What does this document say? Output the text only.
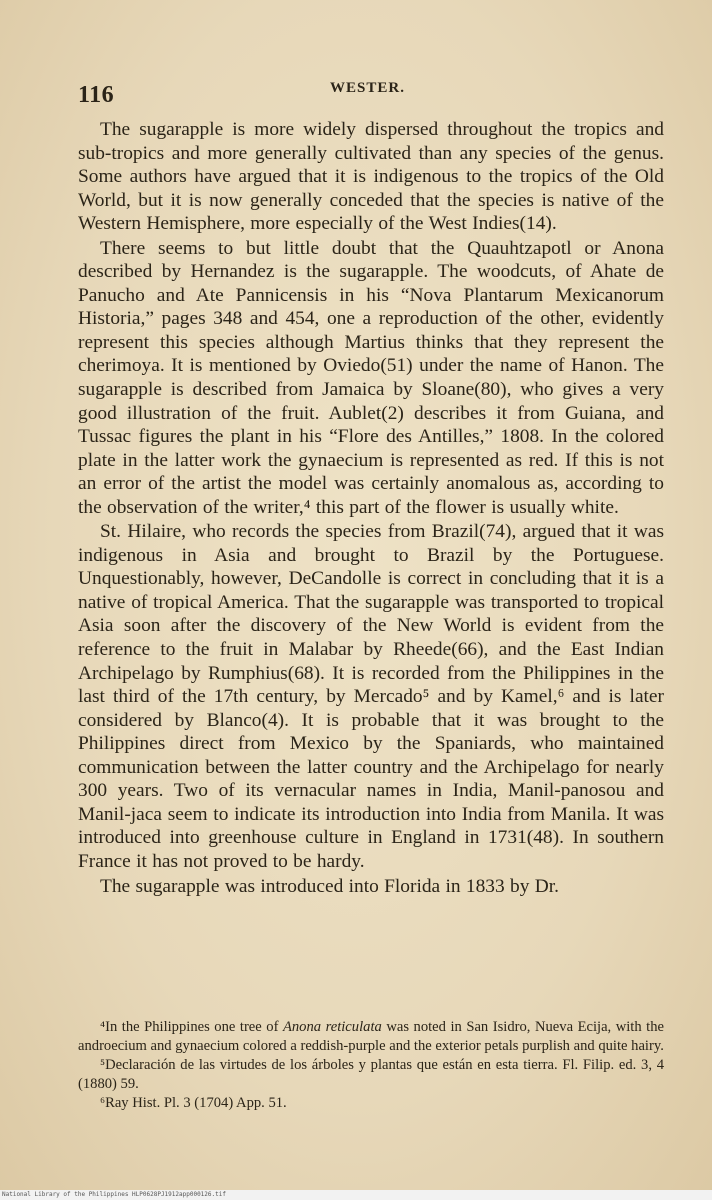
116	WESTER.

The sugarapple is more widely dispersed throughout the tropics and sub-tropics and more generally cultivated than any species of the genus. Some authors have argued that it is indigenous to the tropics of the Old World, but it is now generally conceded that the species is native of the Western Hemisphere, more especially of the West Indies(14).

There seems to but little doubt that the Quauhtzapotl or Anona described by Hernandez is the sugarapple. The woodcuts, of Ahate de Panucho and Ate Pannicensis in his “Nova Plantarum Mexicanorum Historia,” pages 348 and 454, one a reproduction of the other, evidently represent this species although Martius thinks that they represent the cherimoya. It is mentioned by Oviedo(51) under the name of Hanon. The sugarapple is described from Jamaica by Sloane(80), who gives a very good illustration of the fruit. Aublet(2) describes it from Guiana, and Tussac figures the plant in his “Flore des Antilles,” 1808. In the colored plate in the latter work the gynaecium is represented as red. If this is not an error of the artist the model was certainly anomalous as, according to the observation of the writer,⁴ this part of the flower is usually white.

St. Hilaire, who records the species from Brazil(74), argued that it was indigenous in Asia and brought to Brazil by the Portuguese. Unquestionably, however, DeCandolle is correct in concluding that it is a native of tropical America. That the sugarapple was transported to tropical Asia soon after the discovery of the New World is evident from the reference to the fruit in Malabar by Rheede(66), and the East Indian Archipelago by Rumphius(68). It is recorded from the Philippines in the last third of the 17th century, by Mercado⁵ and by Kamel,⁶ and is later considered by Blanco(4). It is probable that it was brought to the Philippines direct from Mexico by the Spaniards, who maintained communication between the latter country and the Archipelago for nearly 300 years. Two of its vernacular names in India, Manil-panosou and Manil-jaca seem to indicate its introduction into India from Manila. It was introduced into greenhouse culture in England in 1731(48). In southern France it has not proved to be hardy.

The sugarapple was introduced into Florida in 1833 by Dr.

⁴In the Philippines one tree of Anona reticulata was noted in San Isidro, Nueva Ecija, with the androecium and gynaecium colored a reddish-purple and the exterior petals purplish and quite hairy.

⁵Declaración de las virtudes de los árboles y plantas que están en esta tierra. Fl. Filip. ed. 3, 4 (1880) 59.

⁶Ray Hist. Pl. 3 (1704) App. 51.

National Library of the Philippines HLP0628PJ1912app000126.tif
